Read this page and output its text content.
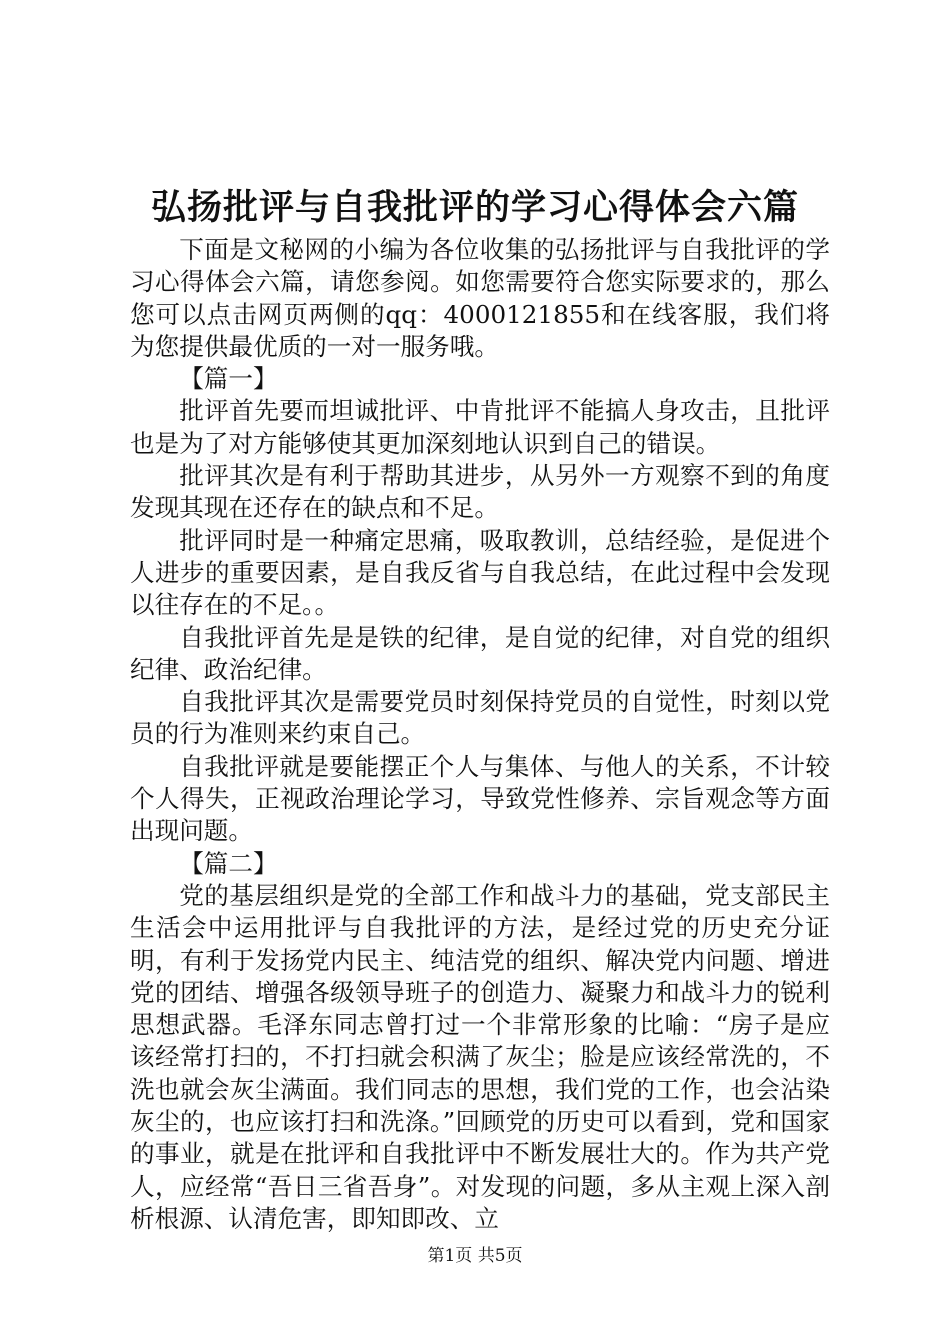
弘扬批评与自我批评的学习心得体会六篇

下面是文秘网的小编为各位收集的弘扬批评与自我批评的学习心得体会六篇，请您参阅。如您需要符合您实际要求的，那么您可以点击网页两侧的qq：4000121855和在线客服，我们将为您提供最优质的一对一服务哦。

【篇一】

批评首先要而坦诚批评、中肯批评不能搞人身攻击，且批评也是为了对方能够使其更加深刻地认识到自己的错误。

批评其次是有利于帮助其进步，从另外一方观察不到的角度发现其现在还存在的缺点和不足。

批评同时是一种痛定思痛，吸取教训，总结经验，是促进个人进步的重要因素，是自我反省与自我总结，在此过程中会发现以往存在的不足。。

自我批评首先是是铁的纪律，是自觉的纪律，对自党的组织纪律、政治纪律。

自我批评其次是需要党员时刻保持党员的自觉性，时刻以党员的行为准则来约束自己。

自我批评就是要能摆正个人与集体、与他人的关系，不计较个人得失，正视政治理论学习，导致党性修养、宗旨观念等方面出现问题。

【篇二】

党的基层组织是党的全部工作和战斗力的基础，党支部民主生活会中运用批评与自我批评的方法，是经过党的历史充分证明，有利于发扬党内民主、纯洁党的组织、解决党内问题、增进党的团结、增强各级领导班子的创造力、凝聚力和战斗力的锐利思想武器。毛泽东同志曾打过一个非常形象的比喻：“房子是应该经常打扫的，不打扫就会积满了灰尘；脸是应该经常洗的，不洗也就会灰尘满面。我们同志的思想，我们党的工作，也会沾染灰尘的，也应该打扫和洗涤。”回顾党的历史可以看到，党和国家的事业，就是在批评和自我批评中不断发展壮大的。作为共产党人，应经常“吾日三省吾身”。对发现的问题，多从主观上深入剖析根源、认清危害，即知即改、立

第1页 共5页
